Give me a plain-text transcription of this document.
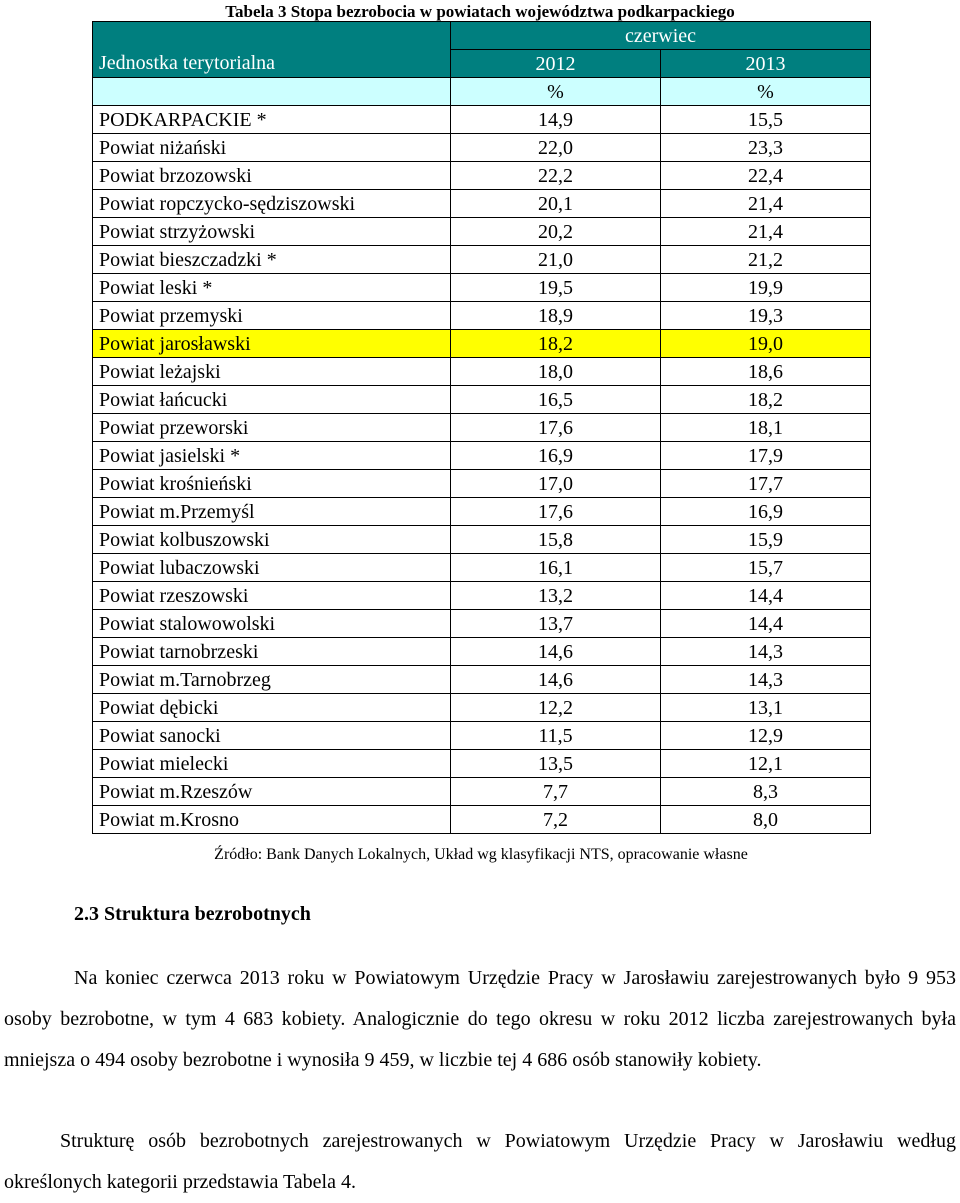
Tabela 3 Stopa bezrobocia w powiatach województwa podkarpackiego
	czerwiec	
Jednostka terytorialna	2012	2013
	%	%
PODKARPACKIE *	14,9	15,5
Powiat niżański	22,0	23,3
Powiat brzozowski	22,2	22,4
Powiat ropczycko-sędziszowski	20,1	21,4
Powiat strzyżowski	20,2	21,4
Powiat bieszczadzki *	21,0	21,2
Powiat leski *	19,5	19,9
Powiat przemyski	18,9	19,3
Powiat jarosławski	18,2	19,0
Powiat leżajski	18,0	18,6
Powiat łańcucki	16,5	18,2
Powiat przeworski	17,6	18,1
Powiat jasielski *	16,9	17,9
Powiat krośnieński	17,0	17,7
Powiat m.Przemyśl	17,6	16,9
Powiat kolbuszowski	15,8	15,9
Powiat lubaczowski	16,1	15,7
Powiat rzeszowski	13,2	14,4
Powiat stalowowolski	13,7	14,4
Powiat tarnobrzeski	14,6	14,3
Powiat m.Tarnobrzeg	14,6	14,3
Powiat dębicki	12,2	13,1
Powiat sanocki	11,5	12,9
Powiat mielecki	13,5	12,1
Powiat m.Rzeszów	7,7	8,3
Powiat m.Krosno	7,2	8,0
Źródło: Bank Danych Lokalnych, Układ wg klasyfikacji NTS, opracowanie własne
2.3 Struktura bezrobotnych
Na koniec czerwca 2013 roku w Powiatowym Urzędzie Pracy w Jarosławiu zarejestrowanych było 9 953 osoby bezrobotne, w tym 4 683 kobiety. Analogicznie do tego okresu w roku 2012 liczba zarejestrowanych była mniejsza o 494 osoby bezrobotne i wynosiła 9 459, w liczbie tej 4 686 osób stanowiły kobiety.
Strukturę osób bezrobotnych zarejestrowanych w Powiatowym Urzędzie Pracy w Jarosławiu według określonych kategorii przedstawia Tabela 4.
